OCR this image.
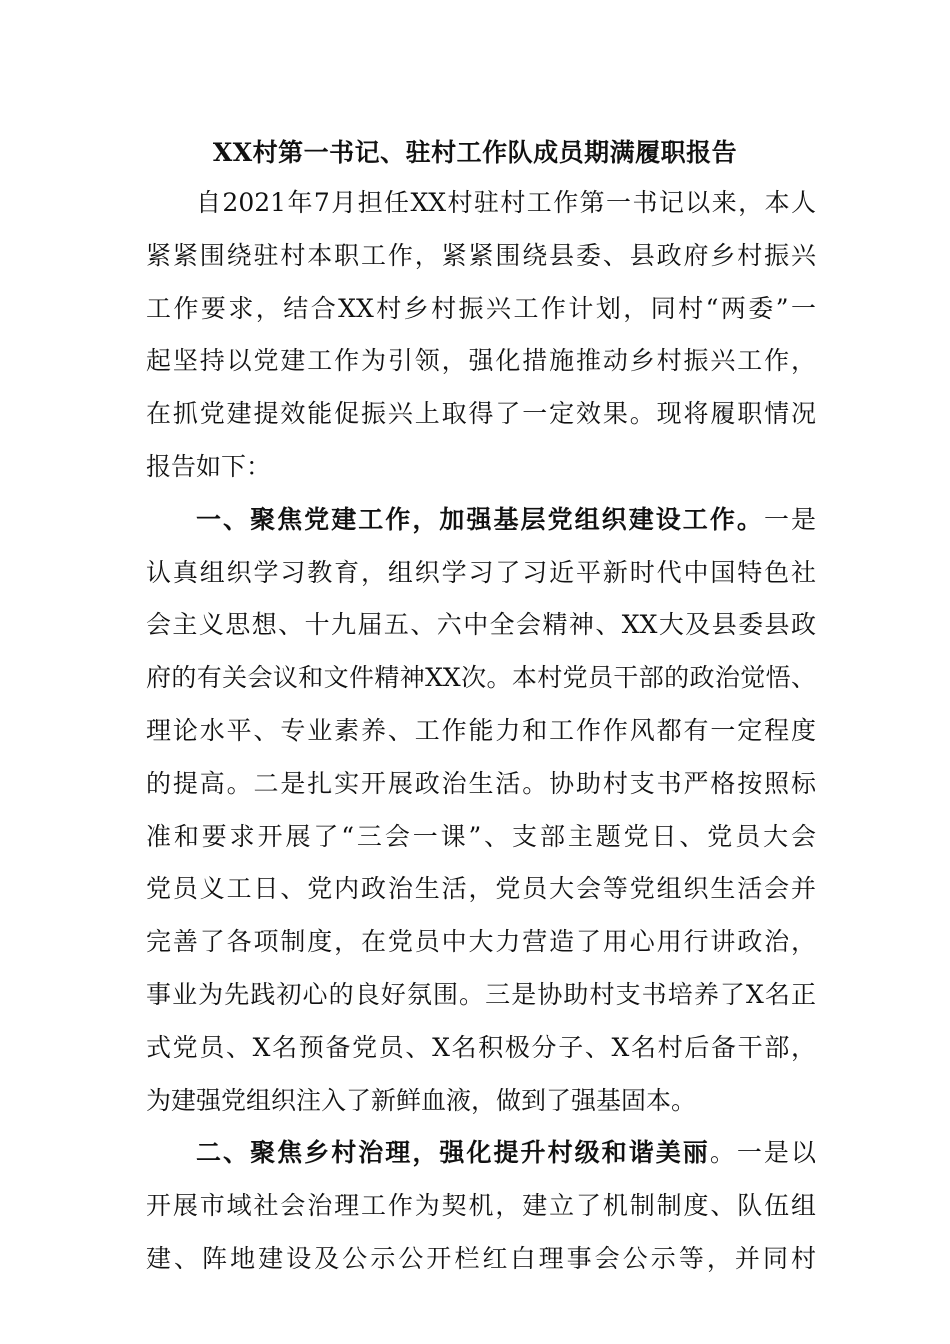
XX村第一书记、驻村工作队成员期满履职报告
自2021年7月担任XX村驻村工作第一书记以来，本人
紧紧围绕驻村本职工作，紧紧围绕县委、县政府乡村振兴
工作要求，结合XX村乡村振兴工作计划，同村“两委”一
起坚持以党建工作为引领，强化措施推动乡村振兴工作，
在抓党建提效能促振兴上取得了一定效果。现将履职情况
报告如下：
一、聚焦党建工作，加强基层党组织建设工作。一是
认真组织学习教育，组织学习了习近平新时代中国特色社
会主义思想、十九届五、六中全会精神、XX大及县委县政
府的有关会议和文件精神XX次。本村党员干部的政治觉悟、
理论水平、专业素养、工作能力和工作作风都有一定程度
的提高。二是扎实开展政治生活。协助村支书严格按照标
准和要求开展了“三会一课”、支部主题党日、党员大会
党员义工日、党内政治生活，党员大会等党组织生活会并
完善了各项制度，在党员中大力营造了用心用行讲政治，
事业为先践初心的良好氛围。三是协助村支书培养了X名正
式党员、X名预备党员、X名积极分子、X名村后备干部，
为建强党组织注入了新鲜血液，做到了强基固本。
二、聚焦乡村治理，强化提升村级和谐美丽。一是以
开展市域社会治理工作为契机，建立了机制制度、队伍组
建、阵地建设及公示公开栏红白理事会公示等，并同村
